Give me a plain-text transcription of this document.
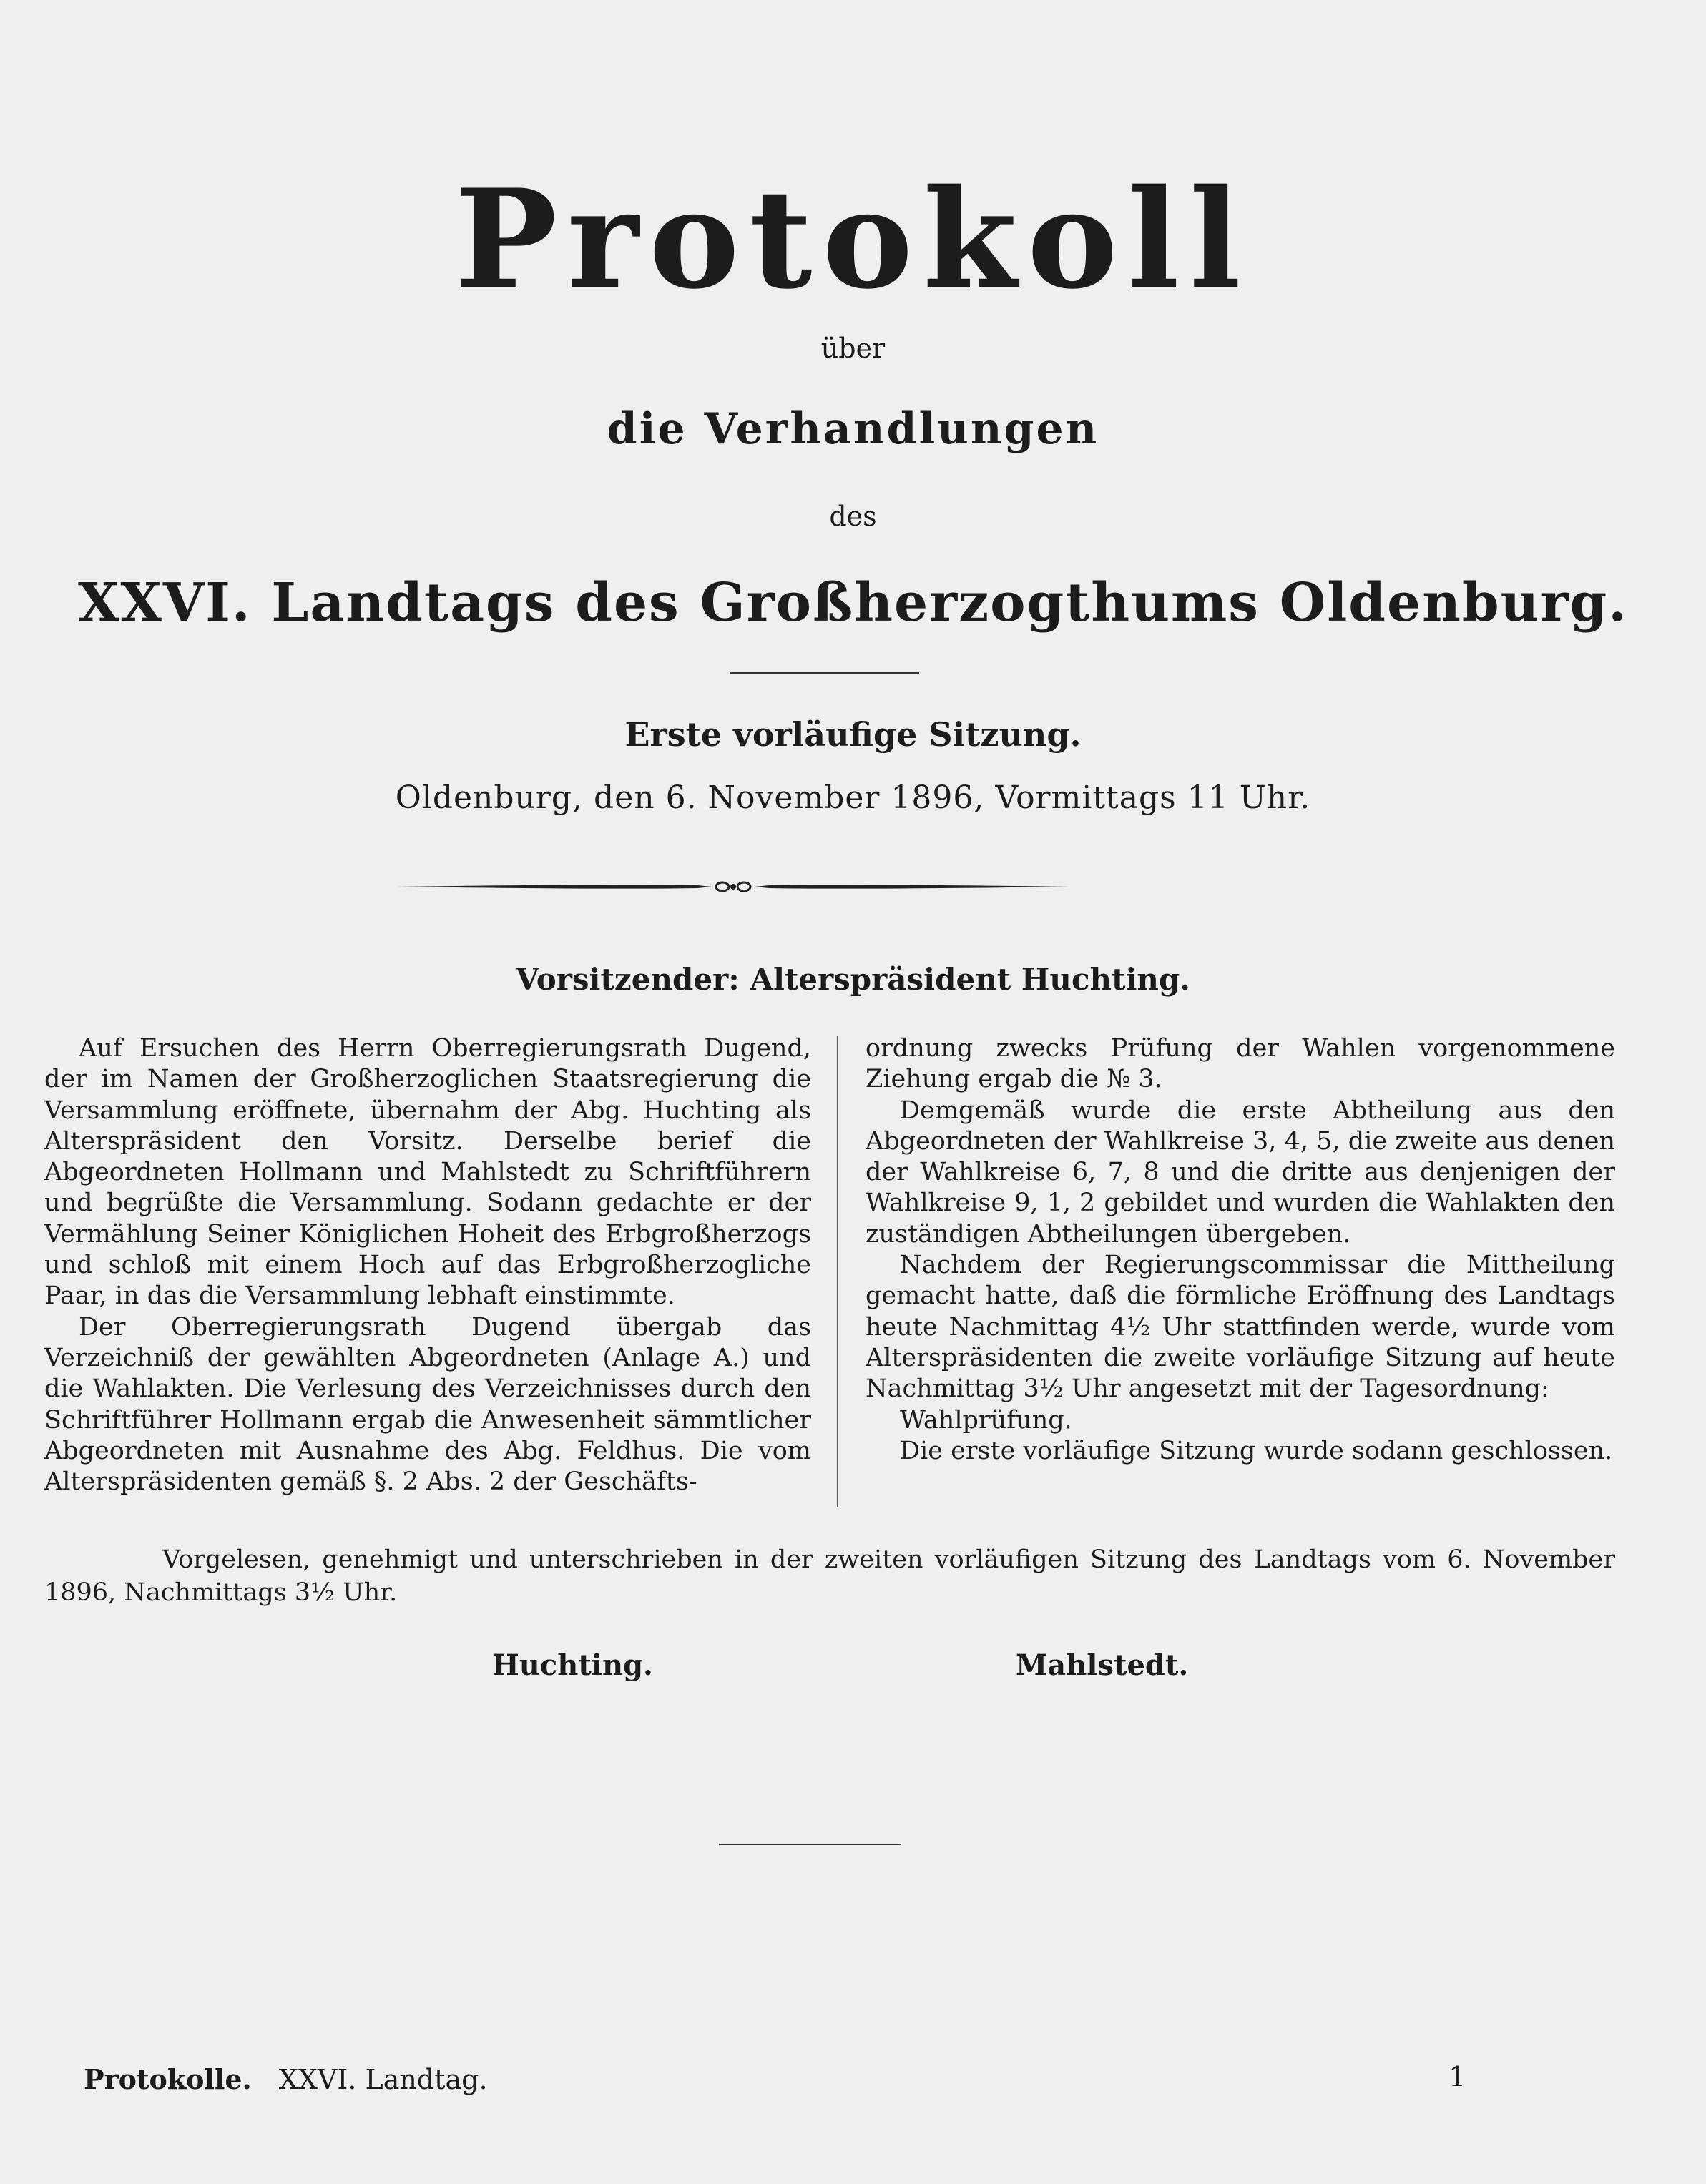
Protokoll
über
die Verhandlungen
des
XXVI. Landtags des Großherzogthums Oldenburg.
Erste vorläufige Sitzung.
Oldenburg, den 6. November 1896, Vormittags 11 Uhr.
Vorsitzender: Alterspräsident Huchting.

Auf Ersuchen des Herrn Oberregierungsrath Dugend, der im Namen der Großherzoglichen Staatsregierung die Versammlung eröffnete, übernahm der Abg. Huchting als Alterspräsident den Vorsitz. Derselbe berief die Abgeordneten Hollmann und Mahlstedt zu Schriftführern und begrüßte die Versammlung. Sodann gedachte er der Vermählung Seiner Königlichen Hoheit des Erbgroßherzogs und schloß mit einem Hoch auf das Erbgroßherzogliche Paar, in das die Versammlung lebhaft einstimmte.

Der Oberregierungsrath Dugend übergab das Verzeichniß der gewählten Abgeordneten (Anlage A.) und die Wahlakten. Die Verlesung des Verzeichnisses durch den Schriftführer Hollmann ergab die Anwesenheit sämmtlicher Abgeordneten mit Ausnahme des Abg. Feldhus. Die vom Alterspräsidenten gemäß §. 2 Abs. 2 der Geschäfts-

ordnung zwecks Prüfung der Wahlen vorgenommene Ziehung ergab die № 3.

Demgemäß wurde die erste Abtheilung aus den Abgeordneten der Wahlkreise 3, 4, 5, die zweite aus denen der Wahlkreise 6, 7, 8 und die dritte aus denjenigen der Wahlkreise 9, 1, 2 gebildet und wurden die Wahlakten den zuständigen Abtheilungen übergeben.

Nachdem der Regierungscommissar die Mittheilung gemacht hatte, daß die förmliche Eröffnung des Landtags heute Nachmittag 4½ Uhr stattfinden werde, wurde vom Alterspräsidenten die zweite vorläufige Sitzung auf heute Nachmittag 3½ Uhr angesetzt mit der Tagesordnung:

Wahlprüfung.

Die erste vorläufige Sitzung wurde sodann geschlossen.

Vorgelesen, genehmigt und unterschrieben in der zweiten vorläufigen Sitzung des Landtags vom 6. November 1896, Nachmittags 3½ Uhr.

Huchting.	Mahlstedt.
Protokolle. XXVI. Landtag.	1
